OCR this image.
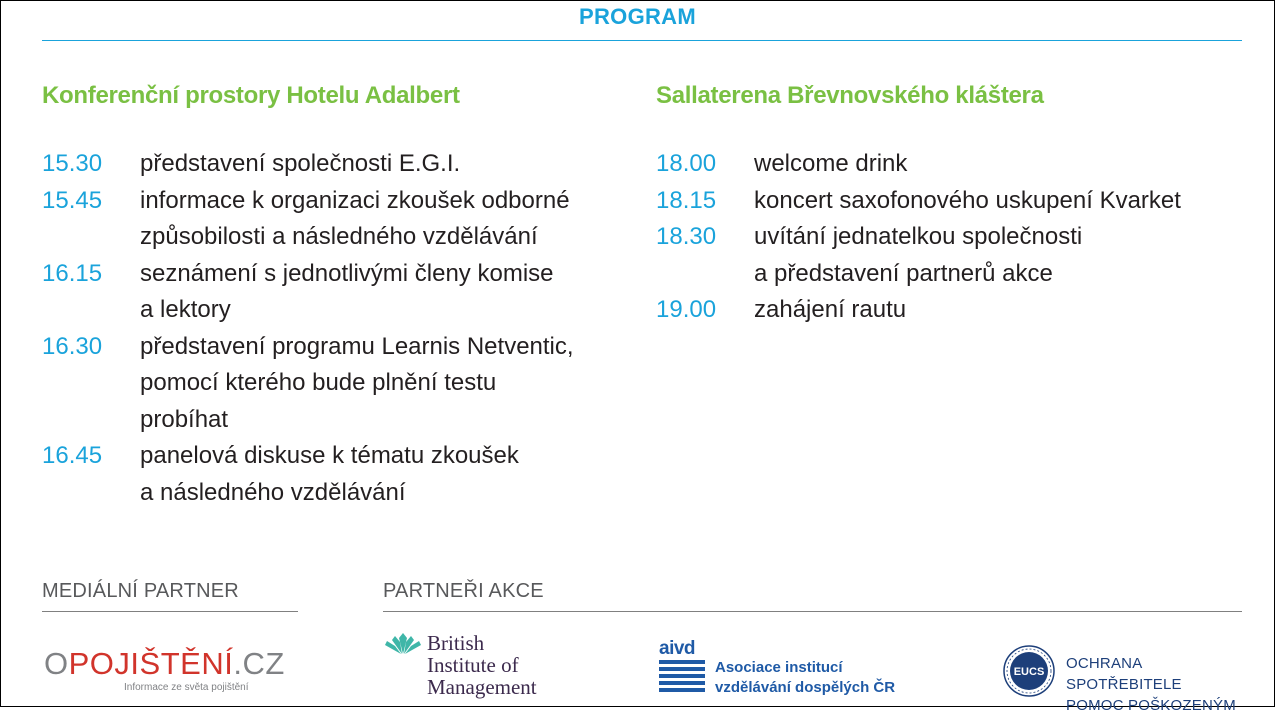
PROGRAM
Konferenční prostory Hotelu Adalbert	Sallaterena Břevnovského kláštera
15.30	představení společnosti E.G.I.
15.45	informace k organizaci zkoušek odborné
způsobilosti a následného vzdělávání
16.15	seznámení s jednotlivými členy komise
a lektory
16.30	představení programu Learnis Netventic,
pomocí kterého bude plnění testu
probíhat
16.45	panelová diskuse k tématu zkoušek
a následného vzdělávání
18.00	welcome drink
18.15	koncert saxofonového uskupení Kvarket
18.30	uvítání jednatelkou společnosti
a představení partnerů akce
19.00	zahájení rautu
MEDIÁLNÍ PARTNER	PARTNEŘI AKCE
OPOJIŠTĚNÍ.CZ
Informace ze světa pojištění
British
Institute of
Management
aivd
Asociace institucí
vzdělávání dospělých ČR
EUCS OCHRANA SPOTŘEBITELE
POMOC POŠKOZENÝM
